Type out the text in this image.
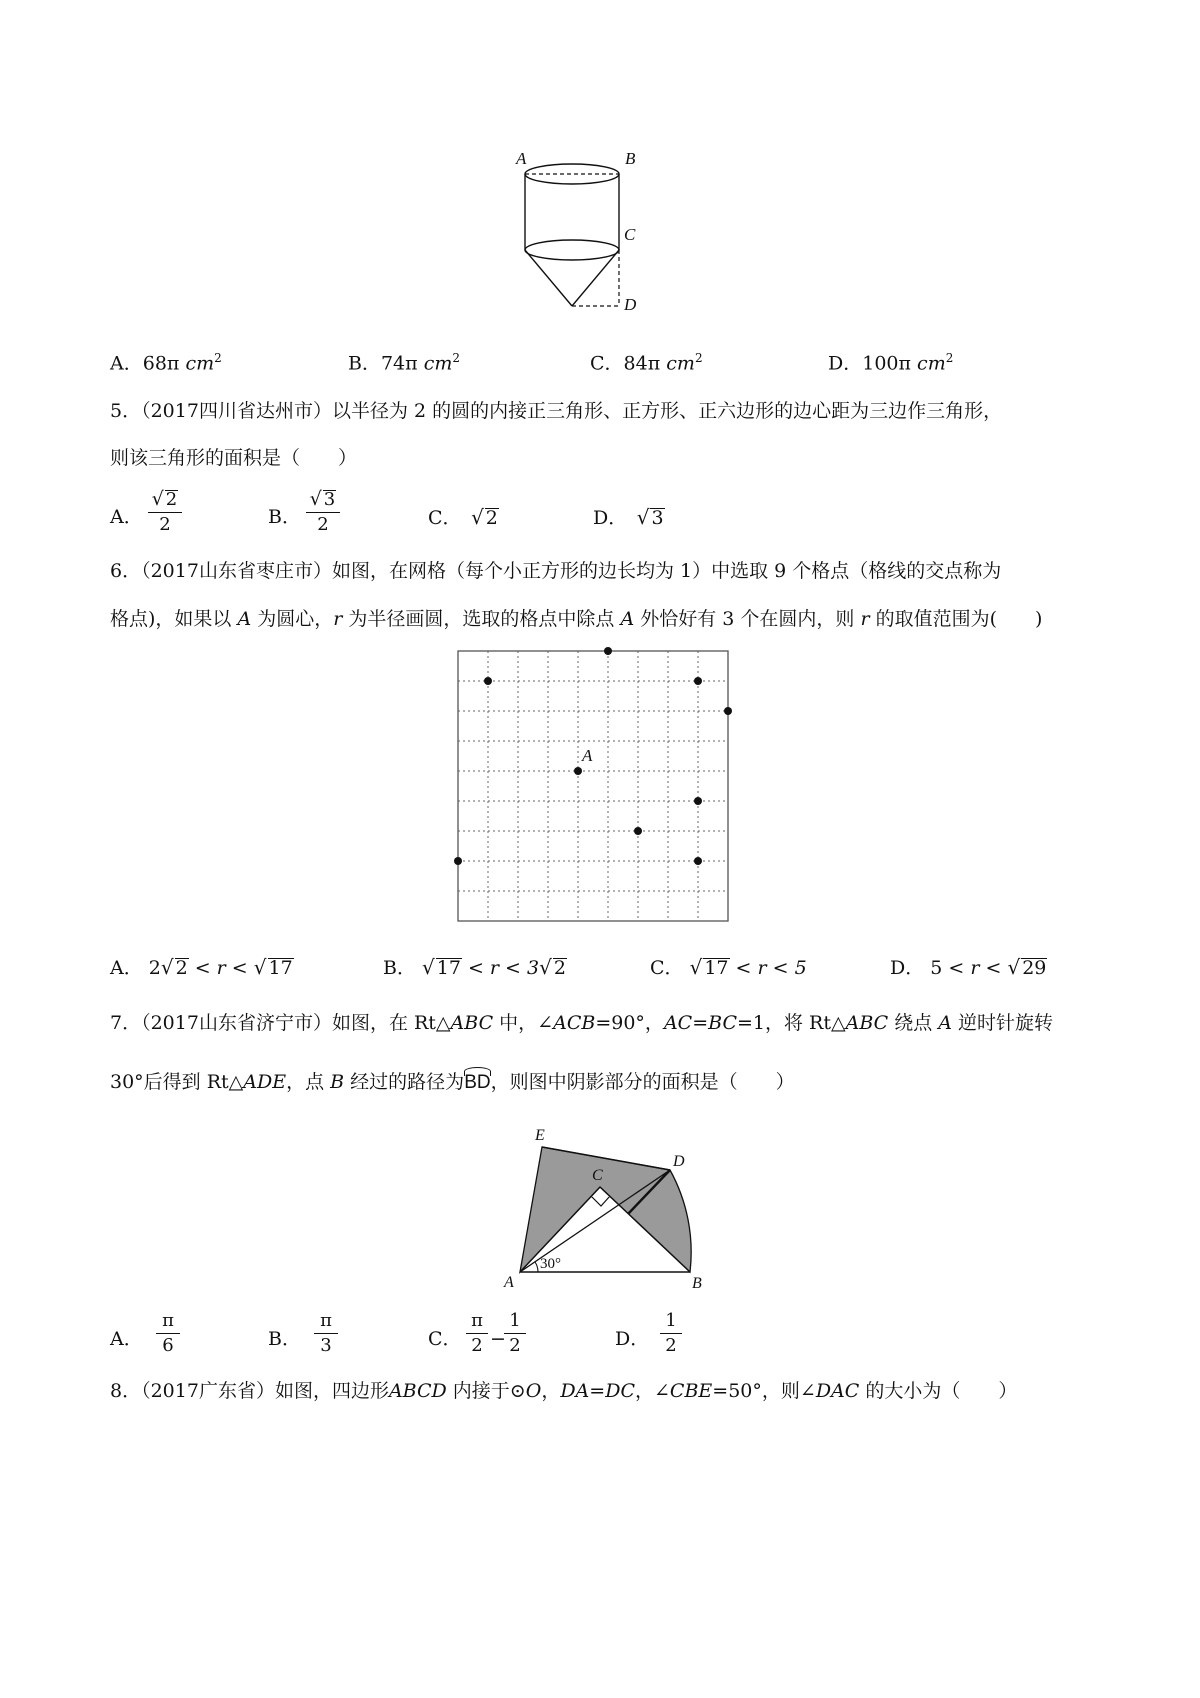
A	B
C
D
A．68π $cm^2$	B．74π $cm^2$	C．84π $cm^2$	D．100π $cm^2$
5．（2017四川省达州市）以半径为 2 的圆的内接正三角形、正方形、正六边形的边心距为三边作三角形，
则该三角形的面积是（　　）
A．
√ 2
2	B．
√ 3
2	C．　 √ 2	D．　 √ 3
6．（2017山东省枣庄市）如图，在网格（每个小正方形的边长均为 1）中选取 9 个格点（格线的交点称为
格点)，如果以 A 为圆心，r 为半径画圆，选取的格点中除点 A 外恰好有 3 个在圆内，则 r 的取值范围为(　　)
A
A． 2√ 2 < r < √ 17	B． √ 17 < r < 3√ 2	C． √ 17 < r < 5	D． 5 < r < √ 29
7．（2017山东省济宁市）如图，在 Rt△ABC 中，∠ACB=90°，AC=BC=1，将 Rt△ABC 绕点 A 逆时针旋转
30°后得到 Rt△ADE，点 B 经过的路径为
BD，则图中阴影部分的面积是（　　）
E
C
D
A	B
30°
A．
π
6	B．
π
3	C．
π
2 −
1
2	D．
1
2
8．（2017广东省）如图，四边形ABCD 内接于⊙O，DA=DC，∠CBE=50°，则∠DAC 的大小为（　　）
